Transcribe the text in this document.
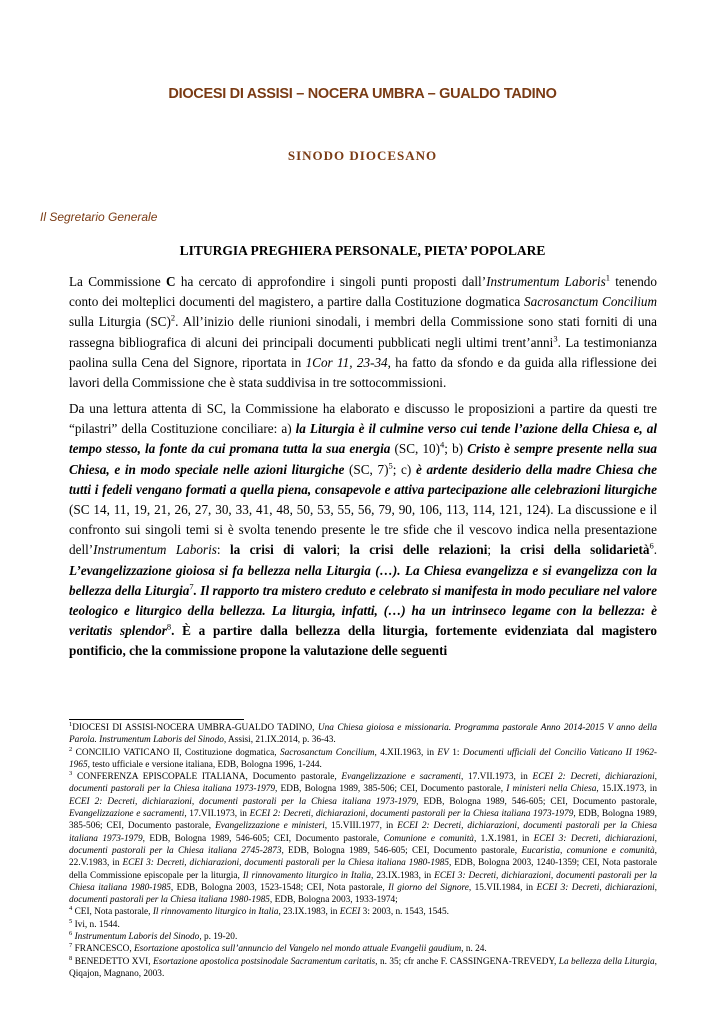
DIOCESI DI ASSISI – NOCERA UMBRA – GUALDO TADINO
SINODO DIOCESANO
Il Segretario Generale
LITURGIA PREGHIERA PERSONALE, PIETA’ POPOLARE

La Commissione C ha cercato di approfondire i singoli punti proposti dall’Instrumentum Laboris$^1$ tenendo conto dei molteplici documenti del magistero, a partire dalla Costituzione dogmatica Sacrosanctum Concilium sulla Liturgia (SC)$^2$. All’inizio delle riunioni sinodali, i membri della Commissione sono stati forniti di una rassegna bibliografica di alcuni dei principali documenti pubblicati negli ultimi trent’anni$^3$. La testimonianza paolina sulla Cena del Signore, riportata in 1Cor 11, 23-34, ha fatto da sfondo e da guida alla riflessione dei lavori della Commissione che è stata suddivisa in tre sottocommissioni.

Da una lettura attenta di SC, la Commissione ha elaborato e discusso le proposizioni a partire da questi tre “pilastri” della Costituzione conciliare: a) la Liturgia è il culmine verso cui tende l’azione della Chiesa e, al tempo stesso, la fonte da cui promana tutta la sua energia (SC, 10)$^4$; b) Cristo è sempre presente nella sua Chiesa, e in modo speciale nelle azioni liturgiche (SC, 7)$^5$; c) è ardente desiderio della madre Chiesa che tutti i fedeli vengano formati a quella piena, consapevole e attiva partecipazione alle celebrazioni liturgiche (SC 14, 11, 19, 21, 26, 27, 30, 33, 41, 48, 50, 53, 55, 56, 79, 90, 106, 113, 114, 121, 124). La discussione e il confronto sui singoli temi si è svolta tenendo presente le tre sfide che il vescovo indica nella presentazione dell’Instrumentum Laboris: la crisi di valori; la crisi delle relazioni; la crisi della solidarietà$^6$. L’evangelizzazione gioiosa si fa bellezza nella Liturgia (…). La Chiesa evangelizza e si evangelizza con la bellezza della Liturgia$^7$. Il rapporto tra mistero creduto e celebrato si manifesta in modo peculiare nel valore teologico e liturgico della bellezza. La liturgia, infatti, (…) ha un intrinseco legame con la bellezza: è veritatis splendor$^8$. È a partire dalla bellezza della liturgia, fortemente evidenziata dal magistero pontificio, che la commissione propone la valutazione delle seguenti

$^1$DIOCESI DI ASSISI-NOCERA UMBRA-GUALDO TADINO, Una Chiesa gioiosa e missionaria. Programma pastorale Anno 2014-2015 V anno della Parola. Instrumentum Laboris del Sinodo, Assisi, 21.IX.2014, p. 36-43.

$^2$ CONCILIO VATICANO II, Costituzione dogmatica, Sacrosanctum Concilium, 4.XII.1963, in EV 1: Documenti ufficiali del Concilio Vaticano II 1962-1965, testo ufficiale e versione italiana, EDB, Bologna 1996, 1-244.

$^3$ CONFERENZA EPISCOPALE ITALIANA, Documento pastorale, Evangelizzazione e sacramenti, 17.VII.1973, in ECEI 2: Decreti, dichiarazioni, documenti pastorali per la Chiesa italiana 1973-1979, EDB, Bologna 1989, 385-506; CEI, Documento pastorale, I ministeri nella Chiesa, 15.IX.1973, in ECEI 2: Decreti, dichiarazioni, documenti pastorali per la Chiesa italiana 1973-1979, EDB, Bologna 1989, 546-605; CEI, Documento pastorale, Evangelizzazione e sacramenti, 17.VII.1973, in ECEI 2: Decreti, dichiarazioni, documenti pastorali per la Chiesa italiana 1973-1979, EDB, Bologna 1989, 385-506; CEI, Documento pastorale, Evangelizzazione e ministeri, 15.VIII.1977, in ECEI 2: Decreti, dichiarazioni, documenti pastorali per la Chiesa italiana 1973-1979, EDB, Bologna 1989, 546-605; CEI, Documento pastorale, Comunione e comunità, 1.X.1981, in ECEI 3: Decreti, dichiarazioni, documenti pastorali per la Chiesa italiana 2745-2873, EDB, Bologna 1989, 546-605; CEI, Documento pastorale, Eucaristia, comunione e comunità, 22.V.1983, in ECEI 3: Decreti, dichiarazioni, documenti pastorali per la Chiesa italiana 1980-1985, EDB, Bologna 2003, 1240-1359; CEI, Nota pastorale della Commissione episcopale per la liturgia, Il rinnovamento liturgico in Italia, 23.IX.1983, in ECEI 3: Decreti, dichiarazioni, documenti pastorali per la Chiesa italiana 1980-1985, EDB, Bologna 2003, 1523-1548; CEI, Nota pastorale, Il giorno del Signore, 15.VII.1984, in ECEI 3: Decreti, dichiarazioni, documenti pastorali per la Chiesa italiana 1980-1985, EDB, Bologna 2003, 1933-1974;

$^4$ CEI, Nota pastorale, Il rinnovamento liturgico in Italia, 23.IX.1983, in ECEI 3: 2003, n. 1543, 1545.

$^5$ Ivi, n. 1544.

$^6$ Instrumentum Laboris del Sinodo, p. 19-20.

$^7$ FRANCESCO, Esortazione apostolica sull’annuncio del Vangelo nel mondo attuale Evangelii gaudium, n. 24.

$^8$ BENEDETTO XVI, Esortazione apostolica postsinodale Sacramentum caritatis, n. 35; cfr anche F. CASSINGENA-TREVEDY, La bellezza della Liturgia, Qiqajon, Magnano, 2003.
